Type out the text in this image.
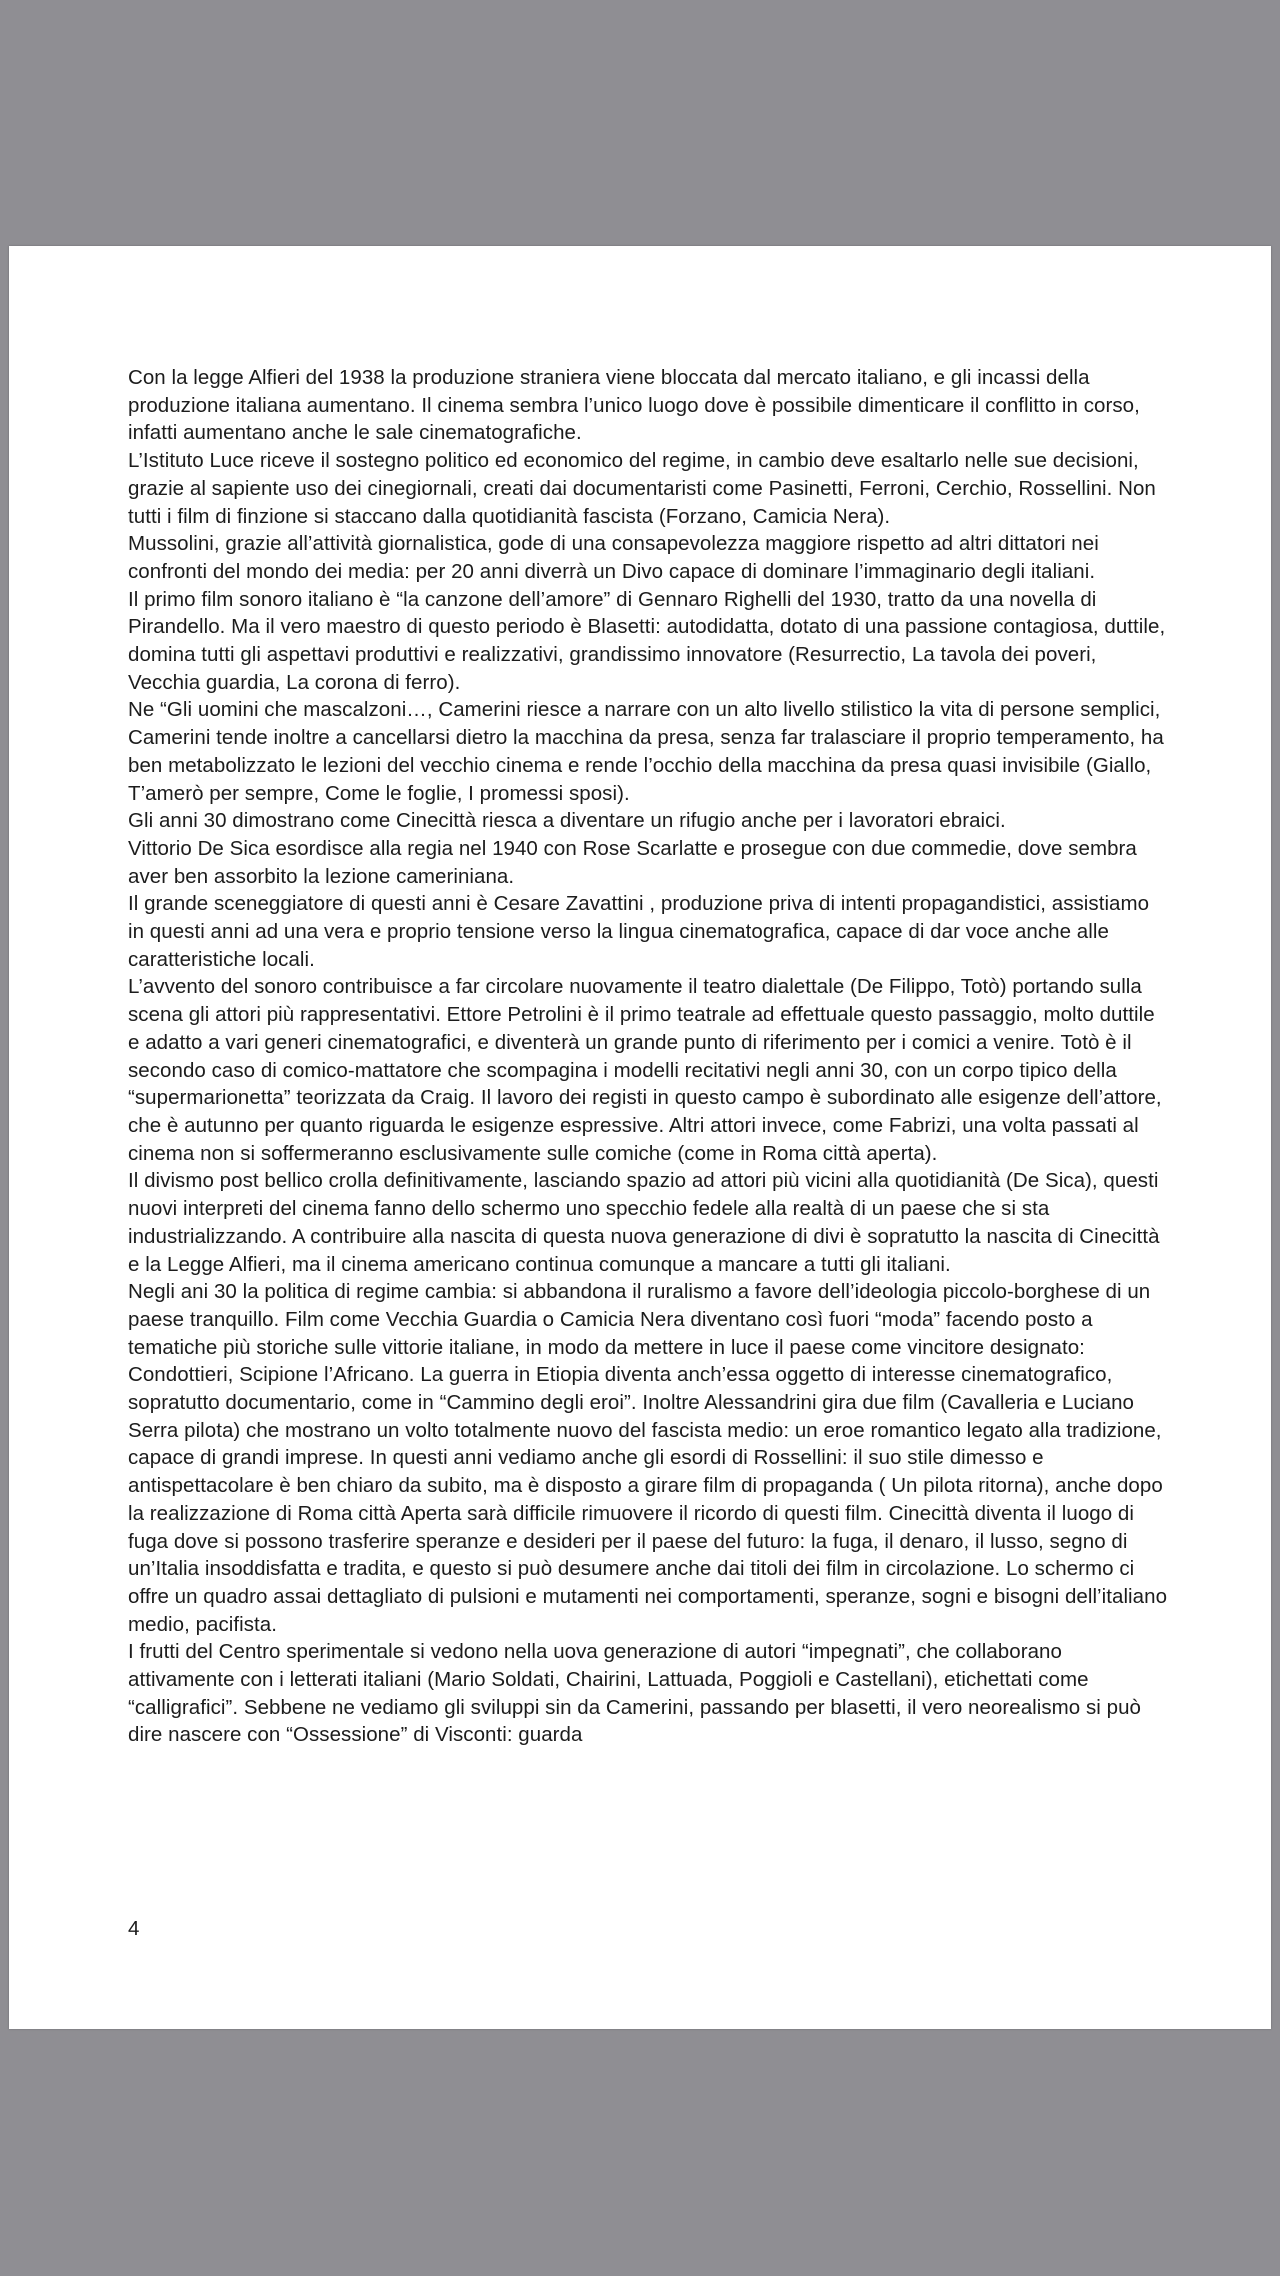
Con la legge Alfieri del 1938 la produzione straniera viene bloccata dal mercato italiano, e gli incassi della produzione italiana aumentano. Il cinema sembra l’unico luogo dove è possibile dimenticare il conflitto in corso, infatti aumentano anche le sale cinematografiche.

L’Istituto Luce riceve il sostegno politico ed economico del regime, in cambio deve esaltarlo nelle sue decisioni, grazie al sapiente uso dei cinegiornali, creati dai documentaristi come Pasinetti, Ferroni, Cerchio, Rossellini. Non tutti i film di finzione si staccano dalla quotidianità fascista (Forzano, Camicia Nera).

Mussolini, grazie all’attività giornalistica, gode di una consapevolezza maggiore rispetto ad altri dittatori nei confronti del mondo dei media: per 20 anni diverrà un Divo capace di dominare l’immaginario degli italiani.

Il primo film sonoro italiano è “la canzone dell’amore” di Gennaro Righelli del 1930, tratto da una novella di Pirandello. Ma il vero maestro di questo periodo è Blasetti: autodidatta, dotato di una passione contagiosa, duttile, domina tutti gli aspettavi produttivi e realizzativi, grandissimo innovatore (Resurrectio, La tavola dei poveri, Vecchia guardia, La corona di ferro).

Ne “Gli uomini che mascalzoni…, Camerini riesce a narrare con un alto livello stilistico la vita di persone semplici, Camerini tende inoltre a cancellarsi dietro la macchina da presa, senza far tralasciare il proprio temperamento, ha ben metabolizzato le lezioni del vecchio cinema e rende l’occhio della macchina da presa quasi invisibile (Giallo, T’amerò per sempre, Come le foglie, I promessi sposi).

Gli anni 30 dimostrano come Cinecittà riesca a diventare un rifugio anche per i lavoratori ebraici.

Vittorio De Sica esordisce alla regia nel 1940 con Rose Scarlatte e prosegue con due commedie, dove sembra aver ben assorbito la lezione cameriniana.

Il grande sceneggiatore di questi anni è Cesare Zavattini , produzione priva di intenti propagandistici, assistiamo in questi anni ad una vera e proprio tensione verso la lingua cinematografica, capace di dar voce anche alle caratteristiche locali.

L’avvento del sonoro contribuisce a far circolare nuovamente il teatro dialettale (De Filippo, Totò) portando sulla scena gli attori più rappresentativi. Ettore Petrolini è il primo teatrale ad effettuale questo passaggio, molto duttile e adatto a vari generi cinematografici, e diventerà un grande punto di riferimento per i comici a venire. Totò è il secondo caso di comico-mattatore che scompagina i modelli recitativi negli anni 30, con un corpo tipico della “supermarionetta” teorizzata da Craig. Il lavoro dei registi in questo campo è subordinato alle esigenze dell’attore, che è autunno per quanto riguarda le esigenze espressive. Altri attori invece, come Fabrizi, una volta passati al cinema non si soffermeranno esclusivamente sulle comiche (come in Roma città aperta).

Il divismo post bellico crolla definitivamente, lasciando spazio ad attori più vicini alla quotidianità (De Sica), questi nuovi interpreti del cinema fanno dello schermo uno specchio fedele alla realtà di un paese che si sta industrializzando. A contribuire alla nascita di questa nuova generazione di divi è sopratutto la nascita di Cinecittà e la Legge Alfieri, ma il cinema americano continua comunque a mancare a tutti gli italiani.

Negli ani 30 la politica di regime cambia: si abbandona il ruralismo a favore dell’ideologia piccolo-borghese di un paese tranquillo. Film come Vecchia Guardia o Camicia Nera diventano così fuori “moda” facendo posto a tematiche più storiche sulle vittorie italiane, in modo da mettere in luce il paese come vincitore designato: Condottieri, Scipione l’Africano. La guerra in Etiopia diventa anch’essa oggetto di interesse cinematografico, sopratutto documentario, come in “Cammino degli eroi”. Inoltre Alessandrini gira due film (Cavalleria e Luciano Serra pilota) che mostrano un volto totalmente nuovo del fascista medio: un eroe romantico legato alla tradizione, capace di grandi imprese. In questi anni vediamo anche gli esordi di Rossellini: il suo stile dimesso e antispettacolare è ben chiaro da subito, ma è disposto a girare film di propaganda ( Un pilota ritorna), anche dopo la realizzazione di Roma città Aperta sarà difficile rimuovere il ricordo di questi film. Cinecittà diventa il luogo di fuga dove si possono trasferire speranze e desideri per il paese del futuro: la fuga, il denaro, il lusso, segno di un’Italia insoddisfatta e tradita, e questo si può desumere anche dai titoli dei film in circolazione. Lo schermo ci offre un quadro assai dettagliato di pulsioni e mutamenti nei comportamenti, speranze, sogni e bisogni dell’italiano medio, pacifista.

I frutti del Centro sperimentale si vedono nella uova generazione di autori “impegnati”, che collaborano attivamente con i letterati italiani (Mario Soldati, Chairini, Lattuada, Poggioli e Castellani), etichettati come “calligrafici”. Sebbene ne vediamo gli sviluppi sin da Camerini, passando per blasetti, il vero neorealismo si può dire nascere con “Ossessione” di Visconti: guarda

4
